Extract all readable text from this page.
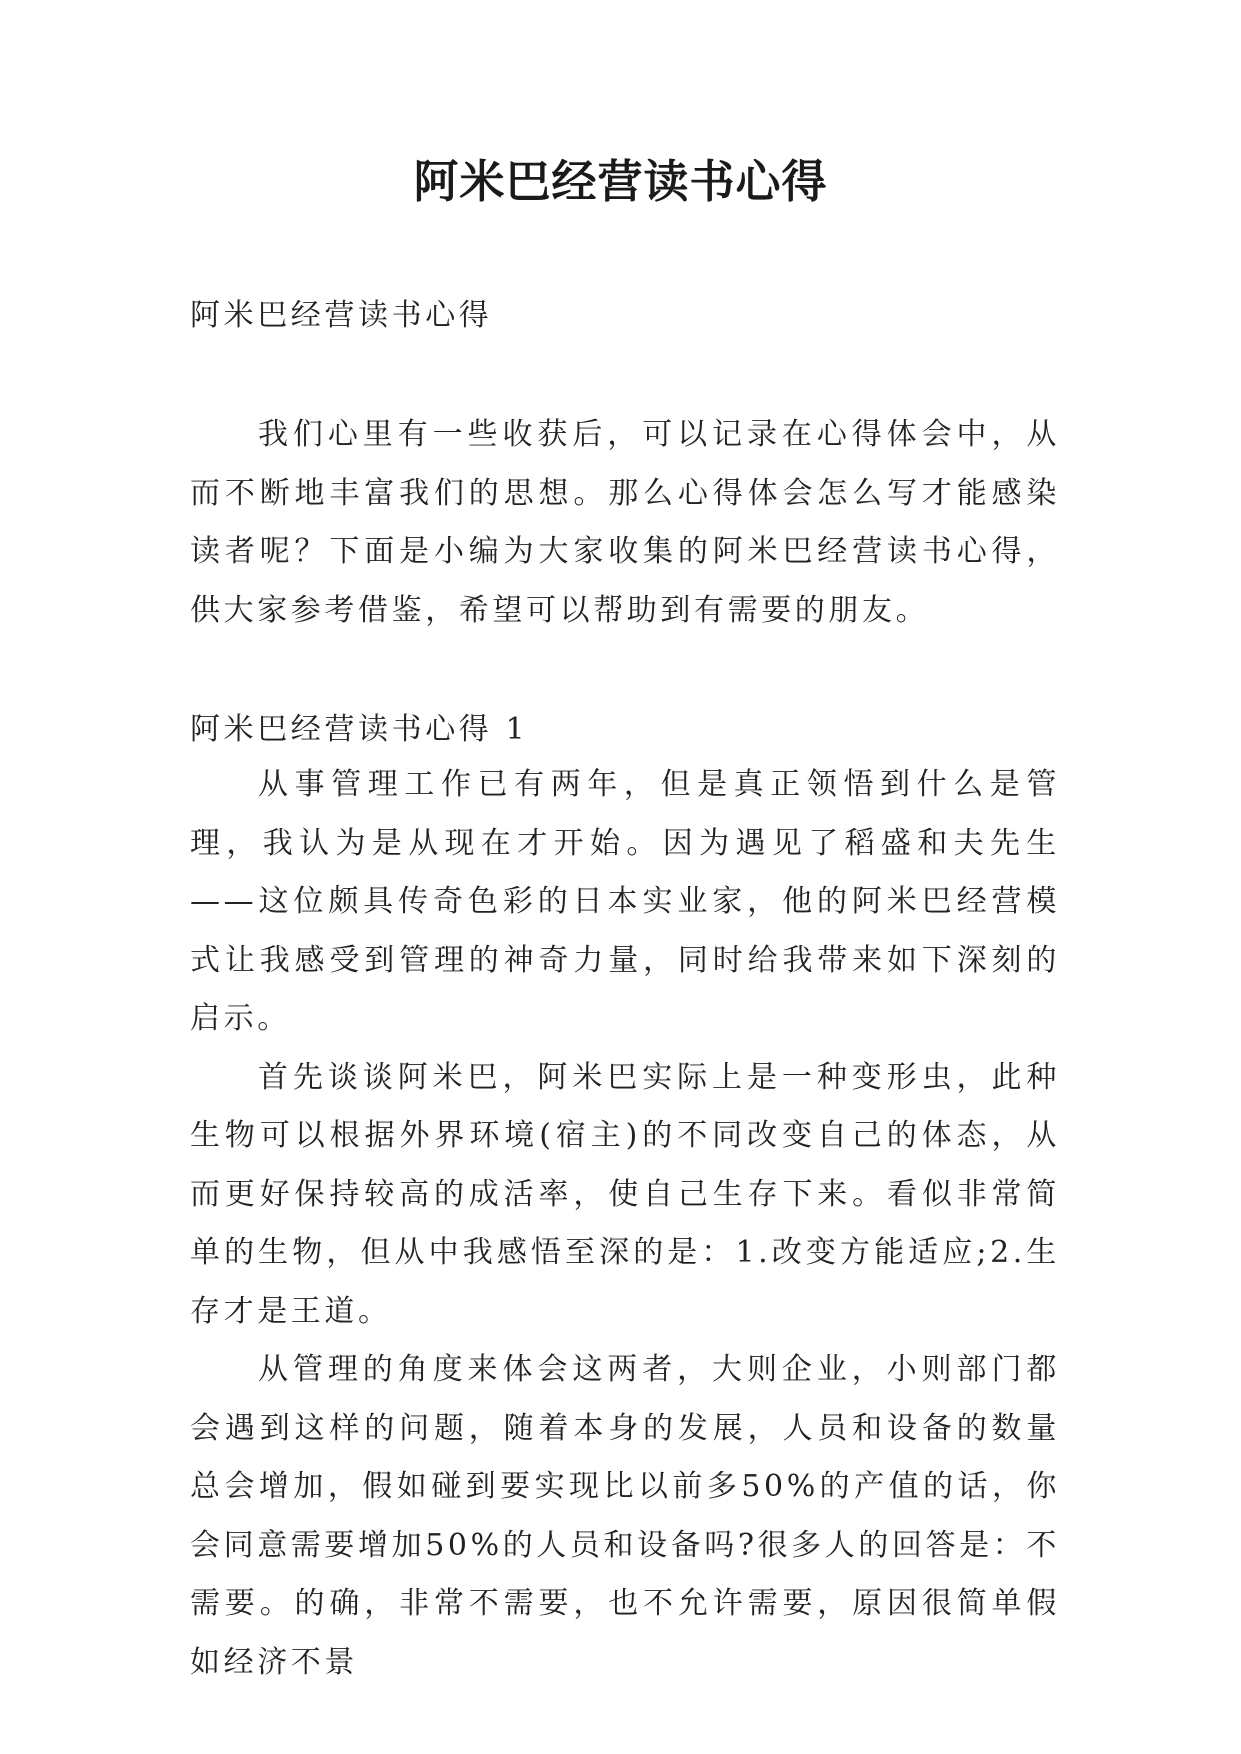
阿米巴经营读书心得
阿米巴经营读书心得
我们心里有一些收获后，可以记录在心得体会中，从而不断地丰富我们的思想。那么心得体会怎么写才能感染读者呢？下面是小编为大家收集的阿米巴经营读书心得，供大家参考借鉴，希望可以帮助到有需要的朋友。
阿米巴经营读书心得 1

从事管理工作已有两年，但是真正领悟到什么是管理，我认为是从现在才开始。因为遇见了稻盛和夫先生——这位颇具传奇色彩的日本实业家，他的阿米巴经营模式让我感受到管理的神奇力量，同时给我带来如下深刻的启示。

首先谈谈阿米巴，阿米巴实际上是一种变形虫，此种生物可以根据外界环境(宿主)的不同改变自己的体态，从而更好保持较高的成活率，使自己生存下来。看似非常简单的生物，但从中我感悟至深的是：1.改变方能适应;2.生存才是王道。

从管理的角度来体会这两者，大则企业，小则部门都会遇到这样的问题，随着本身的发展，人员和设备的数量总会增加，假如碰到要实现比以前多50%的产值的话，你会同意需要增加50%的人员和设备吗?很多人的回答是：不需要。的确，非常不需要，也不允许需要，原因很简单假如经济不景
